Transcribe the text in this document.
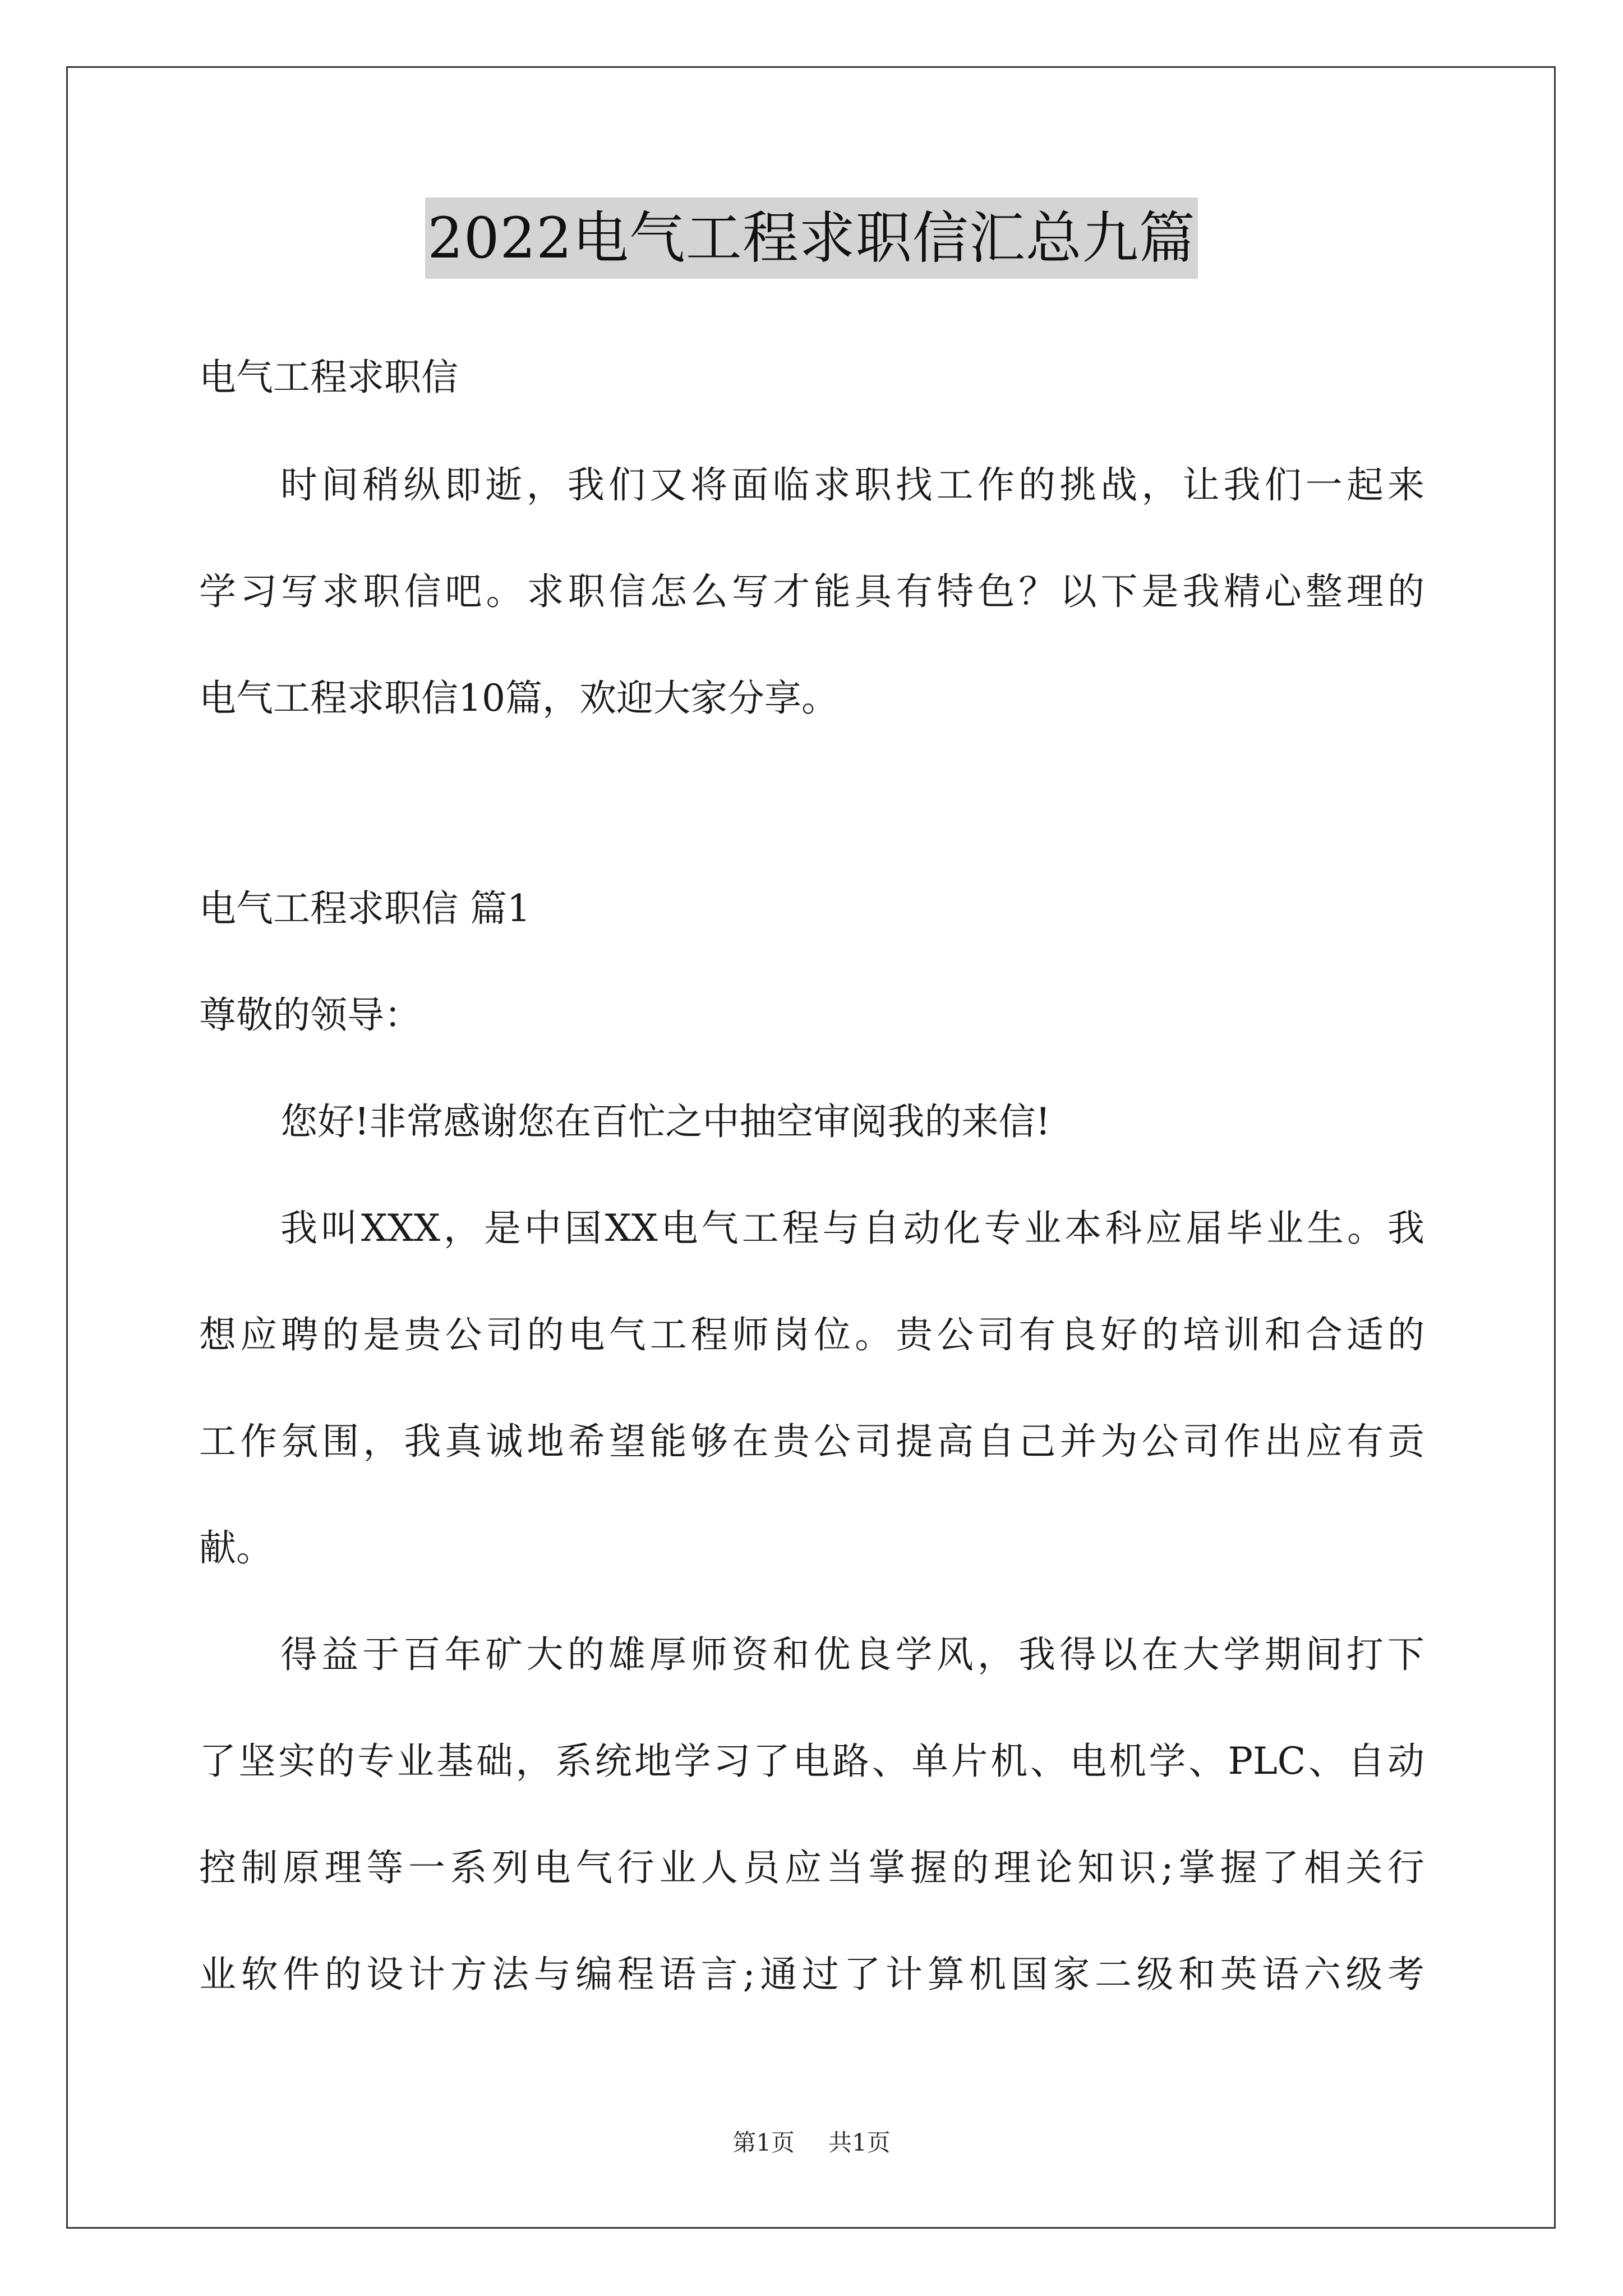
2022电气工程求职信汇总九篇

电气工程求职信

时间稍纵即逝，我们又将面临求职找工作的挑战，让我们一起来

学习写求职信吧。求职信怎么写才能具有特色？以下是我精心整理的

电气工程求职信10篇，欢迎大家分享。

电气工程求职信 篇1

尊敬的领导：

您好!非常感谢您在百忙之中抽空审阅我的来信!

我叫XXX，是中国XX电气工程与自动化专业本科应届毕业生。我

想应聘的是贵公司的电气工程师岗位。贵公司有良好的培训和合适的

工作氛围，我真诚地希望能够在贵公司提高自己并为公司作出应有贡

献。

得益于百年矿大的雄厚师资和优良学风，我得以在大学期间打下

了坚实的专业基础，系统地学习了电路、单片机、电机学、PLC、自动

控制原理等一系列电气行业人员应当掌握的理论知识;掌握了相关行

业软件的设计方法与编程语言;通过了计算机国家二级和英语六级考

第1页 共1页
